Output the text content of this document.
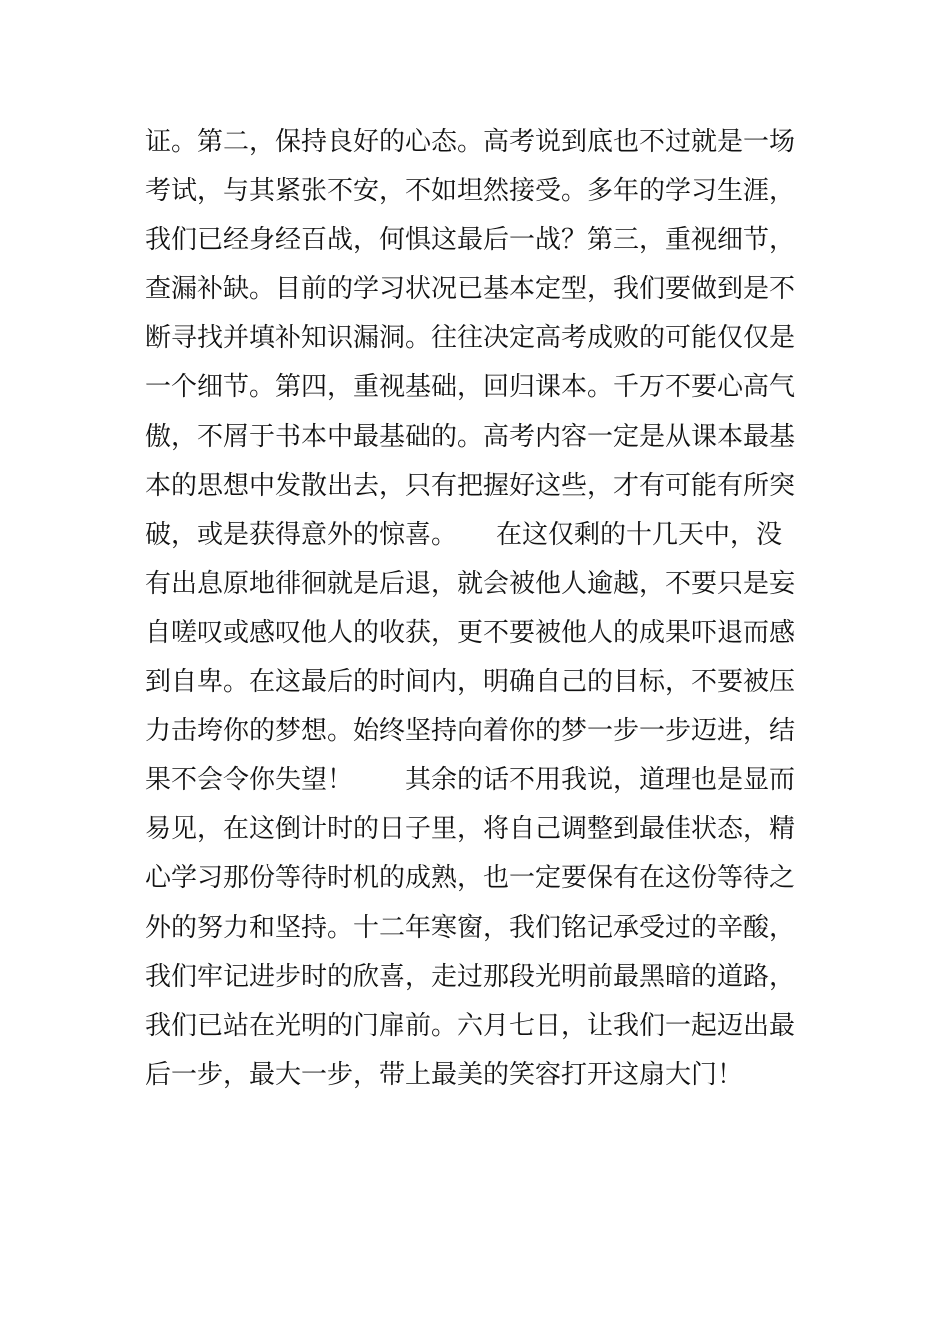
证。第二，保持良好的心态。高考说到底也不过就是一场
考试，与其紧张不安，不如坦然接受。多年的学习生涯，
我们已经身经百战，何惧这最后一战？第三，重视细节，
查漏补缺。目前的学习状况已基本定型，我们要做到是不
断寻找并填补知识漏洞。往往决定高考成败的可能仅仅是
一个细节。第四，重视基础，回归课本。千万不要心高气
傲，不屑于书本中最基础的。高考内容一定是从课本最基
本的思想中发散出去，只有把握好这些，才有可能有所突
破，或是获得意外的惊喜。　　在这仅剩的十几天中，没
有出息原地徘徊就是后退，就会被他人逾越，不要只是妄
自嗟叹或感叹他人的收获，更不要被他人的成果吓退而感
到自卑。在这最后的时间内，明确自己的目标，不要被压
力击垮你的梦想。始终坚持向着你的梦一步一步迈进，结
果不会令你失望！　　其余的话不用我说，道理也是显而
易见，在这倒计时的日子里，将自己调整到最佳状态，精
心学习那份等待时机的成熟，也一定要保有在这份等待之
外的努力和坚持。十二年寒窗，我们铭记承受过的辛酸，
我们牢记进步时的欣喜，走过那段光明前最黑暗的道路，
我们已站在光明的门扉前。六月七日，让我们一起迈出最
后一步，最大一步，带上最美的笑容打开这扇大门！
